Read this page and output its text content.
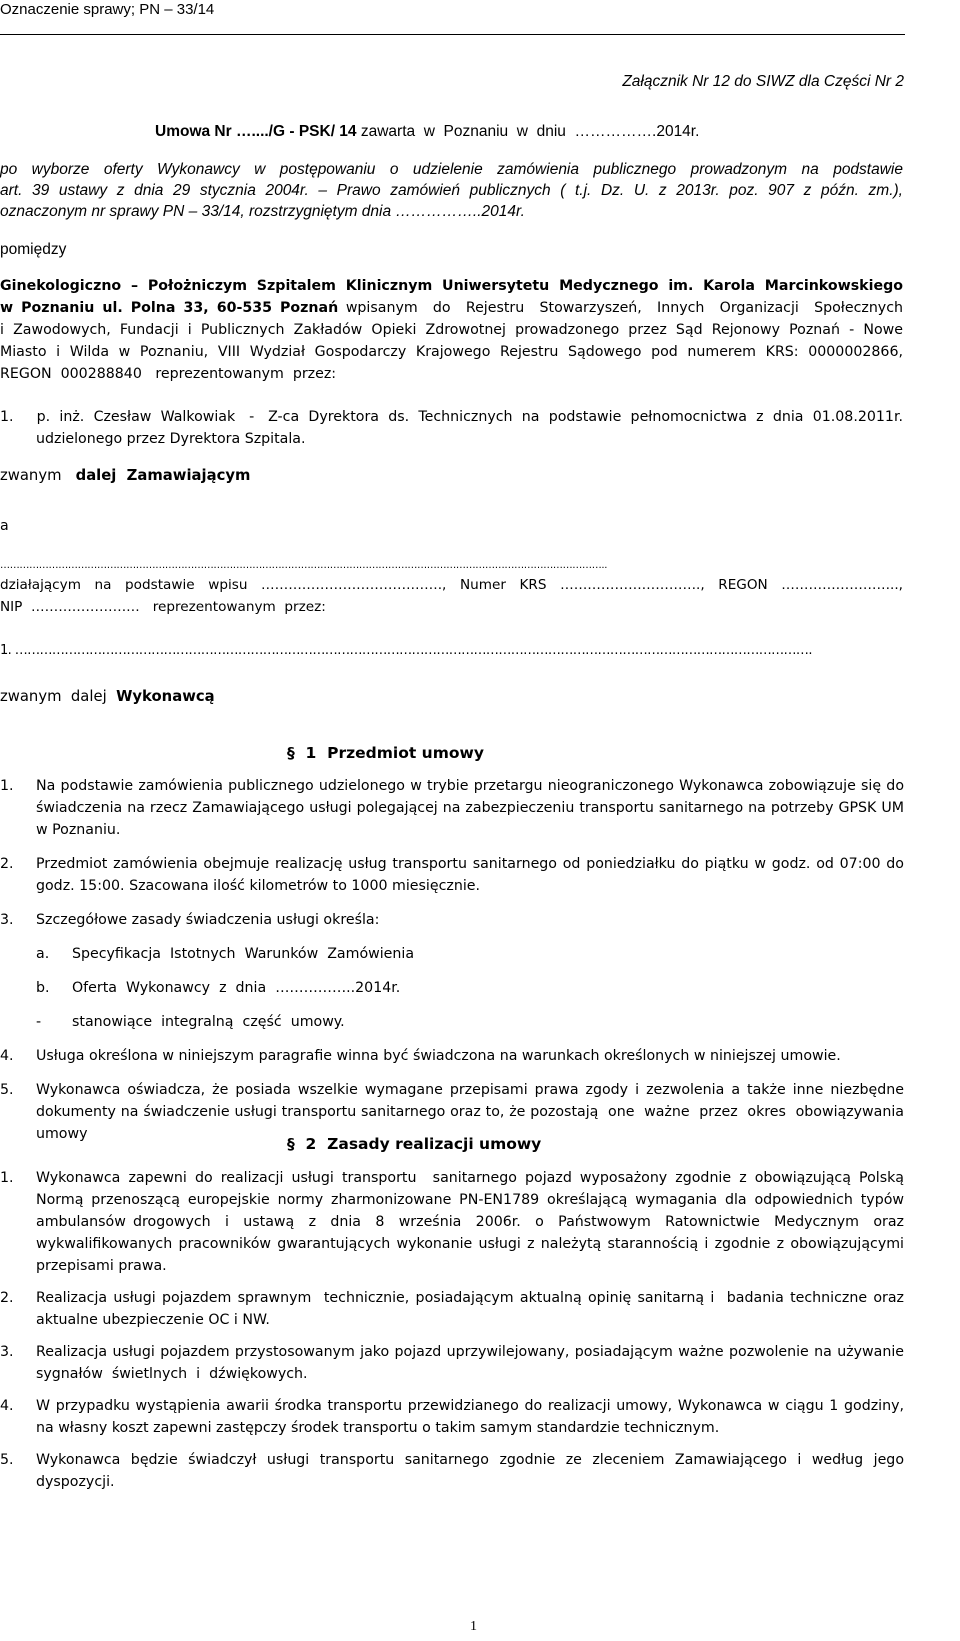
Oznaczenie sprawy; PN – 33/14
Załącznik Nr 12 do SIWZ dla Części Nr 2
Umowa Nr …..../G - PSK/ 14 zawarta  w  Poznaniu  w  dniu  …………….2014r.
po  wyborze  oferty  Wykonawcy  w  postępowaniu  o  udzielenie  zamówienia  publicznego  prowadzonym  na  podstawie
art.  39  ustawy  z  dnia  29  stycznia  2004r.  –  Prawo  zamówień  publicznych  (  t.j.  Dz.  U.  z  2013r.  poz.  907  z  późn.  zm.),
oznaczonym nr sprawy PN – 33/14, rozstrzygniętym dnia ……………..2014r.
pomiędzy
Ginekologiczno – Położniczym Szpitalem Klinicznym Uniwersytetu Medycznego im. Karola Marcinkowskiego
w Poznaniu ul. Polna 33, 60-535 Poznań wpisanym  do  Rejestru  Stowarzyszeń,  Innych  Organizacji  Społecznych
i  Zawodowych,  Fundacji  i  Publicznych  Zakładów  Opieki  Zdrowotnej  prowadzonego  przez  Sąd  Rejonowy  Poznań  -  Nowe
Miasto  i  Wilda  w  Poznaniu,  VIII  Wydział  Gospodarczy  Krajowego  Rejestru  Sądowego  pod  numerem  KRS:  0000002866,
REGON  000288840   reprezentowanym  przez:
1.     p.  inż.  Czesław  Walkowiak   -   Z-ca  Dyrektora  ds.  Technicznych  na  podstawie  pełnomocnictwa  z  dnia  01.08.2011r.
udzielonego przez Dyrektora Szpitala.
zwanym   dalej  Zamawiającym
a
……………………………………………………………………………………………………………………………………………………………………..
działającym  na  podstawie  wpisu  ………………………………….,  Numer  KRS  ………………………….,  REGON  ……………………..,
NIP  ……………………   reprezentowanym  przez:
1. ………………………………………………………………………………………………………………………………………………………………………….
zwanym  dalej  Wykonawcą
§  1  Przedmiot umowy
1. Na podstawie zamówienia publicznego udzielonego w trybie przetargu nieograniczonego Wykonawca zobowiązuje się do świadczenia na rzecz Zamawiającego usługi polegającej na zabezpieczeniu transportu sanitarnego na potrzeby GPSK UM w Poznaniu.
2. Przedmiot zamówienia obejmuje realizację usług transportu sanitarnego od poniedziałku do piątku w godz. od 07:00 do godz. 15:00. Szacowana ilość kilometrów to 1000 miesięcznie.
3. Szczegółowe zasady świadczenia usługi określa:
a. Specyfikacja  Istotnych  Warunków  Zamówienia
b. Oferta  Wykonawcy  z  dnia  ……………..2014r.
- stanowiące  integralną  część  umowy.
4. Usługa określona w niniejszym paragrafie winna być świadczona na warunkach określonych w niniejszej umowie.
5. Wykonawca oświadcza, że posiada wszelkie wymagane przepisami prawa zgody i zezwolenia a także inne niezbędne dokumenty na świadczenie usługi transportu sanitarnego oraz to, że pozostają  one  ważne  przez  okres  obowiązywania umowy
§  2  Zasady realizacji umowy
1. Wykonawca zapewni do realizacji usługi transportu  sanitarnego pojazd wyposażony zgodnie z obowiązującą Polską Normą przenoszącą europejskie normy zharmonizowane PN-EN1789 określającą wymagania dla odpowiednich typów ambulansów drogowych  i  ustawą  z  dnia  8  września  2006r.  o  Państwowym  Ratownictwie  Medycznym  oraz  wykwalifikowanych pracowników gwarantujących wykonanie usługi z należytą starannością i zgodnie z obowiązującymi przepisami prawa.
2. Realizacja usługi pojazdem sprawnym  technicznie, posiadającym aktualną opinię sanitarną i  badania techniczne oraz aktualne ubezpieczenie OC i NW.
3. Realizacja usługi pojazdem przystosowanym jako pojazd uprzywilejowany, posiadającym ważne pozwolenie na używanie sygnałów  świetlnych  i  dźwiękowych.
4. W przypadku wystąpienia awarii środka transportu przewidzianego do realizacji umowy, Wykonawca w ciągu 1 godziny, na własny koszt zapewni zastępczy środek transportu o takim samym standardzie technicznym.
5. Wykonawca będzie świadczył usługi transportu sanitarnego zgodnie ze zleceniem Zamawiającego i według jego dyspozycji.
1
